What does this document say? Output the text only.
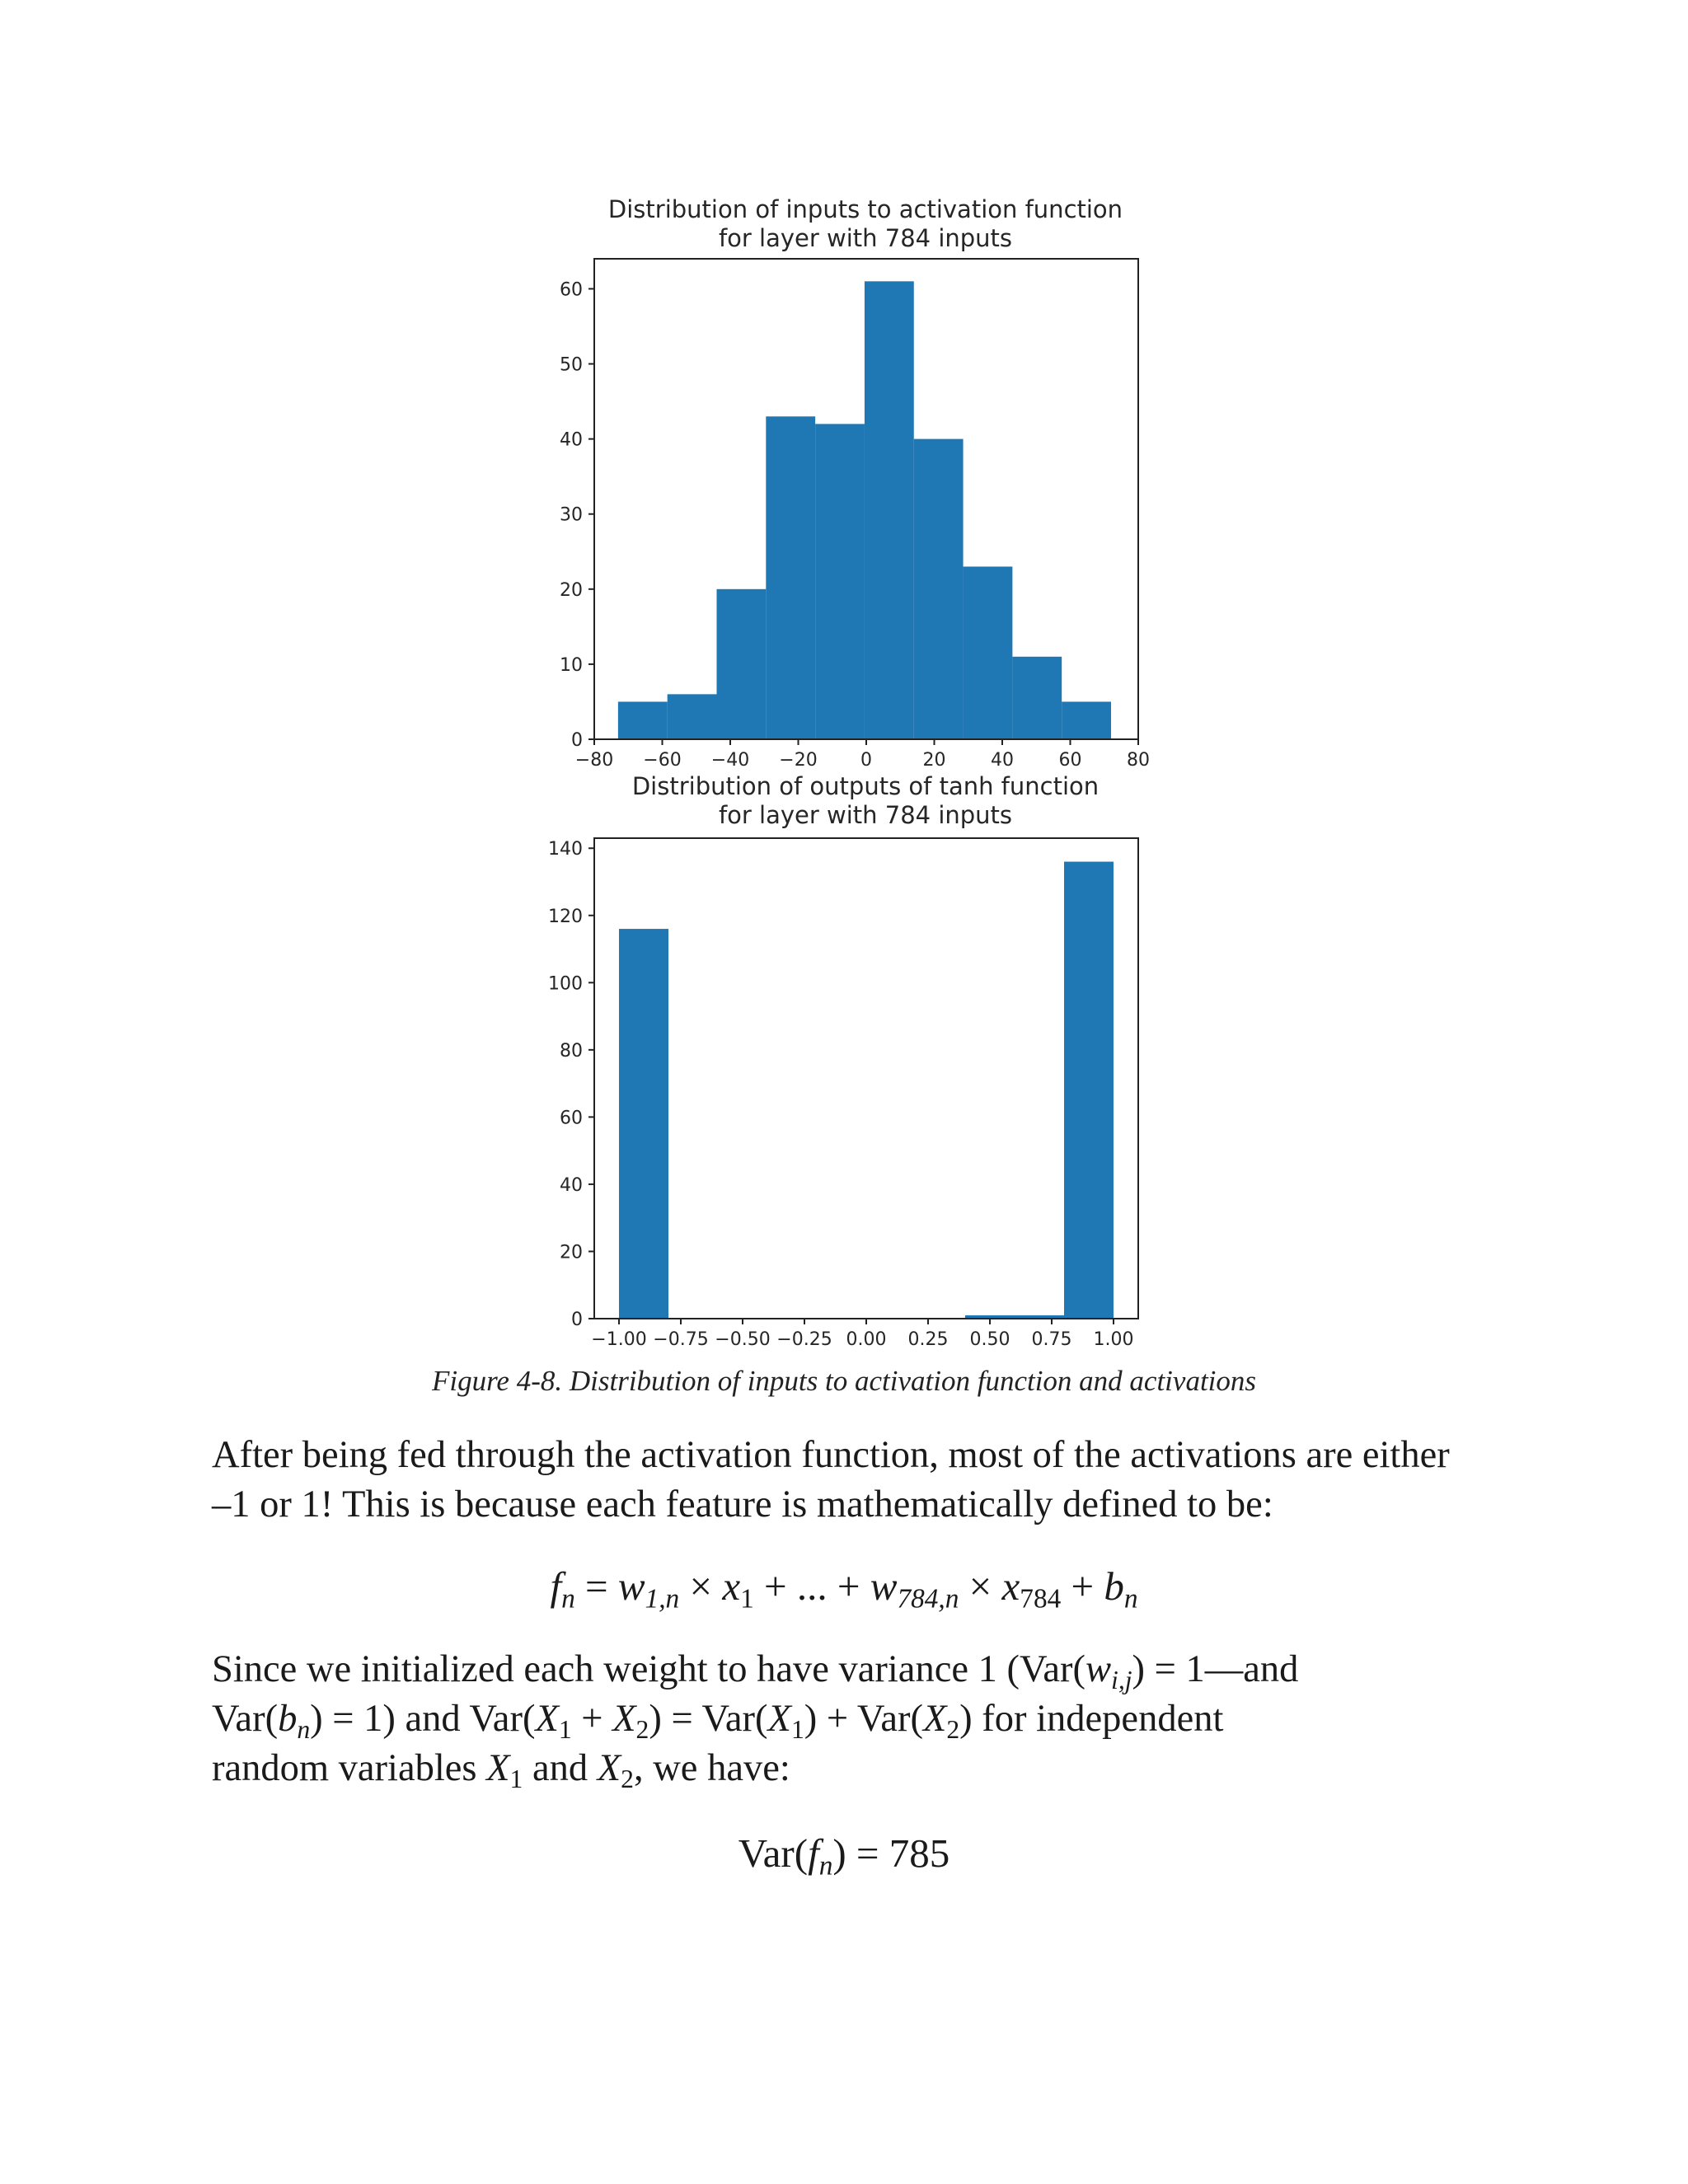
Distribution of inputs to activation function
for layer with 784 inputs
−80 −60 −40 −20 0	20 40 60 80
0
10
20
30
40
50
60
Distribution of outputs of tanh function
for layer with 784 inputs
−1.00 −0.75 −0.50 −0.25 0.00 0.25 0.50 0.75 1.00
0
20
40
60
80
100
120
140
Figure 4-8. Distribution of inputs to activation function and activations
After being fed through the activation function, most of the activations are either
–1 or 1! This is because each feature is mathematically defined to be:
$f_n = w_{1,n} \times x_1$ + ... + $w_{784,n} \times x_{784} + b_n$
Since we initialized each weight to have variance 1 ($Var(w_{i,j})$ = 1—and
$Var(b_n) = 1$) and $Var(X_1 + X_2) = Var(X_1) + Var(X_2)$ for independent
random variables $X_1$ and $X_2$, we have:
$Var(f_n) = 785$
